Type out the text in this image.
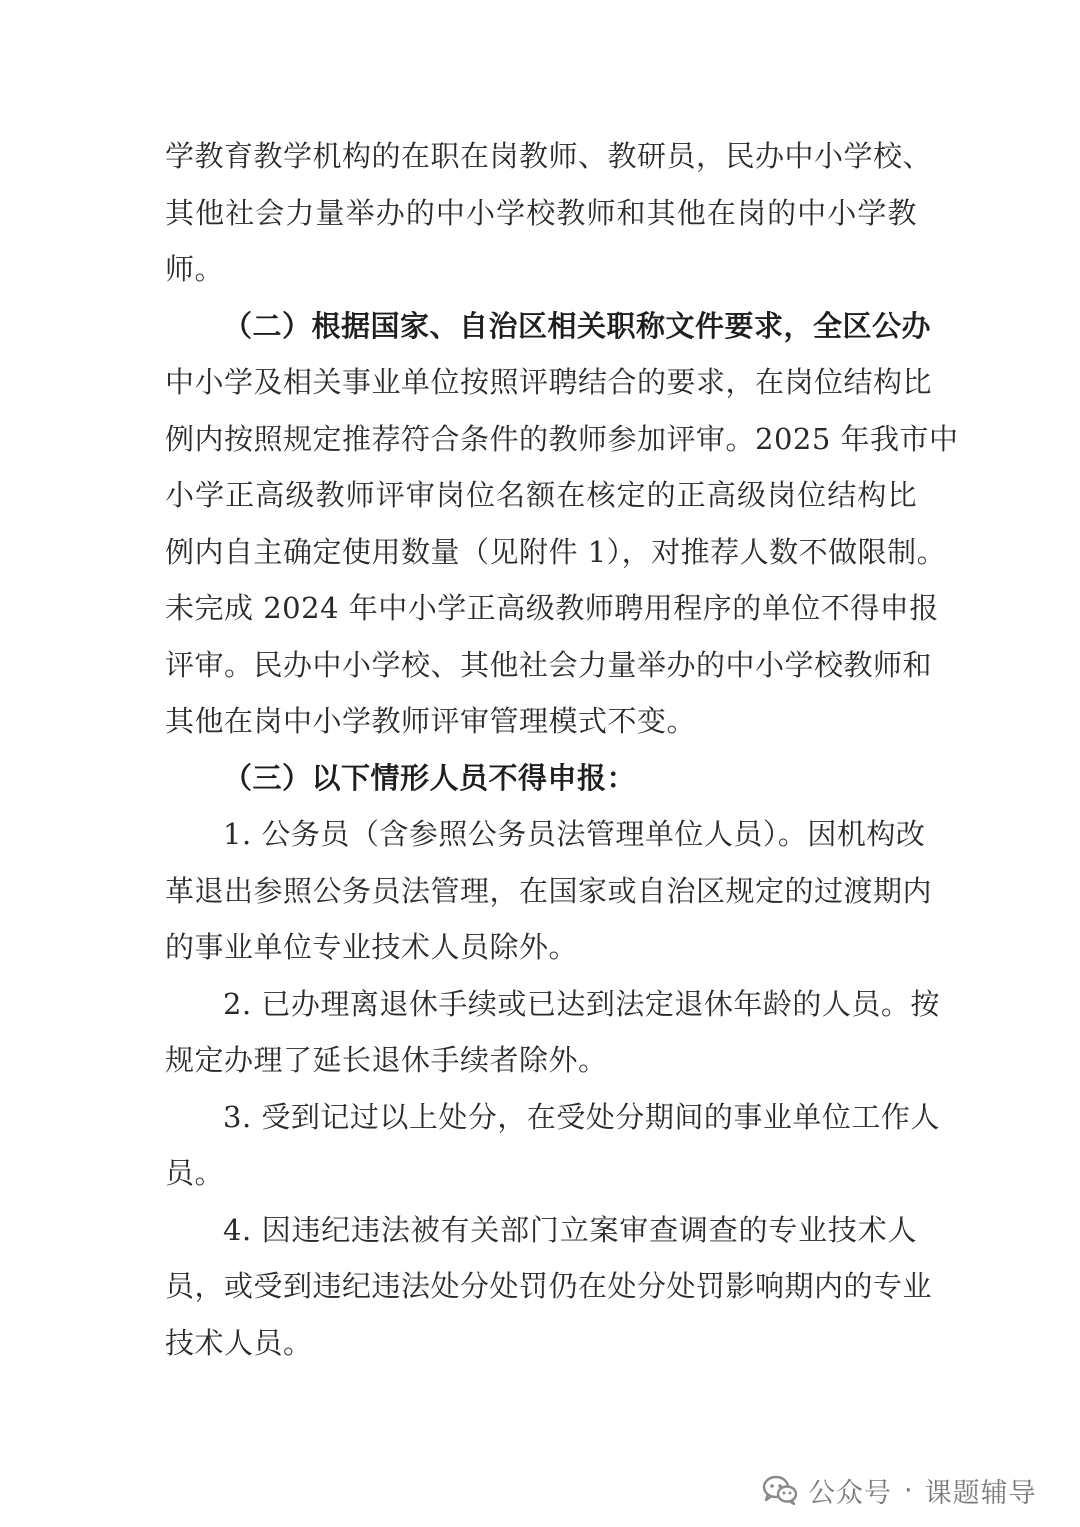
学教育教学机构的在职在岗教师、教研员，民办中小学校、
其他社会力量举办的中小学校教师和其他在岗的中小学教
师。
（二）根据国家、自治区相关职称文件要求，全区公办
中小学及相关事业单位按照评聘结合的要求，在岗位结构比
例内按照规定推荐符合条件的教师参加评审。2025 年我市中
小学正高级教师评审岗位名额在核定的正高级岗位结构比
例内自主确定使用数量（见附件 1），对推荐人数不做限制。
未完成 2024 年中小学正高级教师聘用程序的单位不得申报
评审。民办中小学校、其他社会力量举办的中小学校教师和
其他在岗中小学教师评审管理模式不变。
（三）以下情形人员不得申报：
1. 公务员（含参照公务员法管理单位人员）。因机构改
革退出参照公务员法管理，在国家或自治区规定的过渡期内
的事业单位专业技术人员除外。
2. 已办理离退休手续或已达到法定退休年龄的人员。按
规定办理了延长退休手续者除外。
3. 受到记过以上处分，在受处分期间的事业单位工作人
员。
4. 因违纪违法被有关部门立案审查调查的专业技术人
员，或受到违纪违法处分处罚仍在处分处罚影响期内的专业
技术人员。
公众号 · 课题辅导
